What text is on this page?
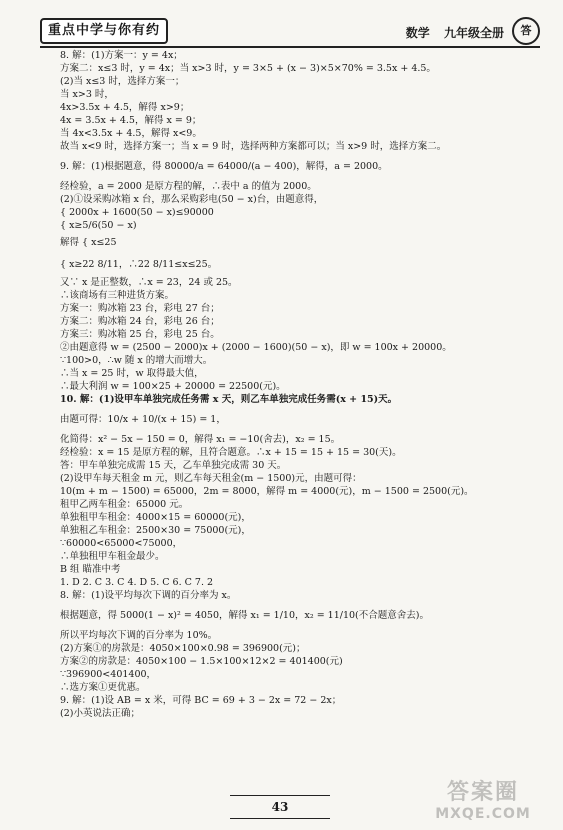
重点中学与你有约	数学 九年级全册	答
8. 解：(1)方案一：y = 4x；
方案二：x≤3 时，y = 4x；当 x>3 时，y = 3×5 + (x − 3)×5×70% = 3.5x + 4.5。
(2)当 x≤3 时，选择方案一；
当 x>3 时，
4x>3.5x + 4.5，解得 x>9；
4x = 3.5x + 4.5，解得 x = 9；
当 4x<3.5x + 4.5，解得 x<9。
故当 x<9 时，选择方案一；当 x = 9 时，选择两种方案都可以；当 x>9 时，选择方案二。
9. 解：(1)根据题意，得 80000/a = 64000/(a − 400)，解得，a = 2000。
经检验，a = 2000 是原方程的解，∴表中 a 的值为 2000。
(2)①设采购冰箱 x 台，那么采购彩电(50 − x)台，由题意得，
{ 2000x + 1600(50 − x)≤90000
{ x≥5/6(50 − x)
解得 { x≤25
{ x≥22 8/11，∴22 8/11≤x≤25。
又∵ x 是正整数，∴x = 23，24 或 25。
∴该商场有三种进货方案。
方案一：购冰箱 23 台，彩电 27 台；
方案二：购冰箱 24 台，彩电 26 台；
方案三：购冰箱 25 台，彩电 25 台。
②由题意得 w = (2500 − 2000)x + (2000 − 1600)(50 − x)，即 w = 100x + 20000。
∵100>0，∴w 随 x 的增大而增大。
∴当 x = 25 时，w 取得最大值，
∴最大利润 w = 100×25 + 20000 = 22500(元)。
10. 解：(1)设甲车单独完成任务需 x 天，则乙车单独完成任务需(x + 15)天。
由题可得：10/x + 10/(x + 15) = 1，
化简得：x² − 5x − 150 = 0，解得 x₁ = −10(舍去)，x₂ = 15。
经检验：x = 15 是原方程的解，且符合题意。∴x + 15 = 15 + 15 = 30(天)。
答：甲车单独完成需 15 天，乙车单独完成需 30 天。
(2)设甲车每天租金 m 元，则乙车每天租金(m − 1500)元，由题可得：
10(m + m − 1500) = 65000，2m = 8000，解得 m = 4000(元)，m − 1500 = 2500(元)。
租甲乙两车租金：65000 元。
单独租甲车租金：4000×15 = 60000(元)，
单独租乙车租金：2500×30 = 75000(元)，
∵60000<65000<75000，
∴单独租甲车租金最少。
B 组 瞄准中考
1. D 2. C 3. C 4. D 5. C 6. C 7. 2
8. 解：(1)设平均每次下调的百分率为 x。
根据题意，得 5000(1 − x)² = 4050，解得 x₁ = 1/10，x₂ = 11/10(不合题意舍去)。
所以平均每次下调的百分率为 10%。
(2)方案①的房款是：4050×100×0.98 = 396900(元)；
方案②的房款是：4050×100 − 1.5×100×12×2 = 401400(元)
∵396900<401400，
∴选方案①更优惠。
9. 解：(1)设 AB = x 米，可得 BC = 69 + 3 − 2x = 72 − 2x；
(2)小英说法正确；
43
答案圈
MXQE.COM
